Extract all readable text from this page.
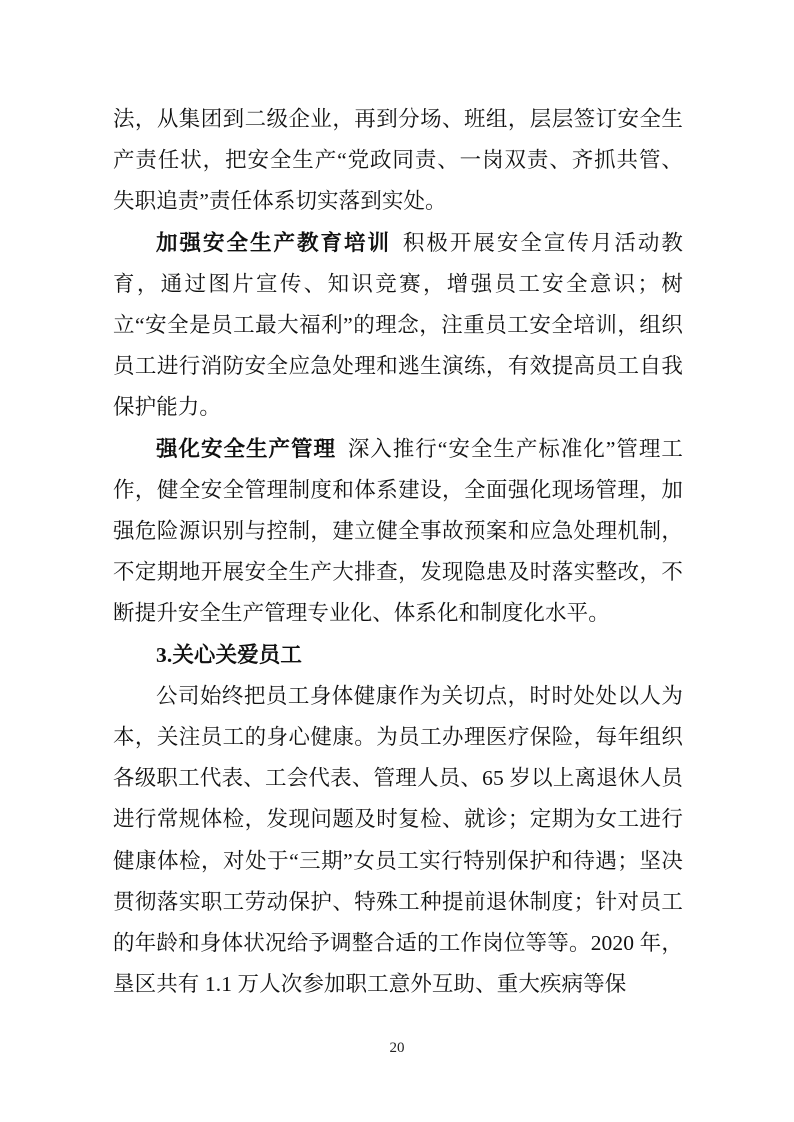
法，从集团到二级企业，再到分场、班组，层层签订安全生产责任状，把安全生产“党政同责、一岗双责、齐抓共管、失职追责”责任体系切实落到实处。

加强安全生产教育培训 积极开展安全宣传月活动教育，通过图片宣传、知识竞赛，增强员工安全意识；树立“安全是员工最大福利”的理念，注重员工安全培训，组织员工进行消防安全应急处理和逃生演练，有效提高员工自我保护能力。

强化安全生产管理 深入推行“安全生产标准化”管理工作，健全安全管理制度和体系建设，全面强化现场管理，加强危险源识别与控制，建立健全事故预案和应急处理机制，不定期地开展安全生产大排查，发现隐患及时落实整改，不断提升安全生产管理专业化、体系化和制度化水平。

3.关心关爱员工

公司始终把员工身体健康作为关切点，时时处处以人为本，关注员工的身心健康。为员工办理医疗保险，每年组织各级职工代表、工会代表、管理人员、65 岁以上离退休人员进行常规体检，发现问题及时复检、就诊；定期为女工进行健康体检，对处于“三期”女员工实行特别保护和待遇；坚决贯彻落实职工劳动保护、特殊工种提前退休制度；针对员工的年龄和身体状况给予调整合适的工作岗位等等。2020 年，垦区共有 1.1 万人次参加职工意外互助、重大疾病等保

20
